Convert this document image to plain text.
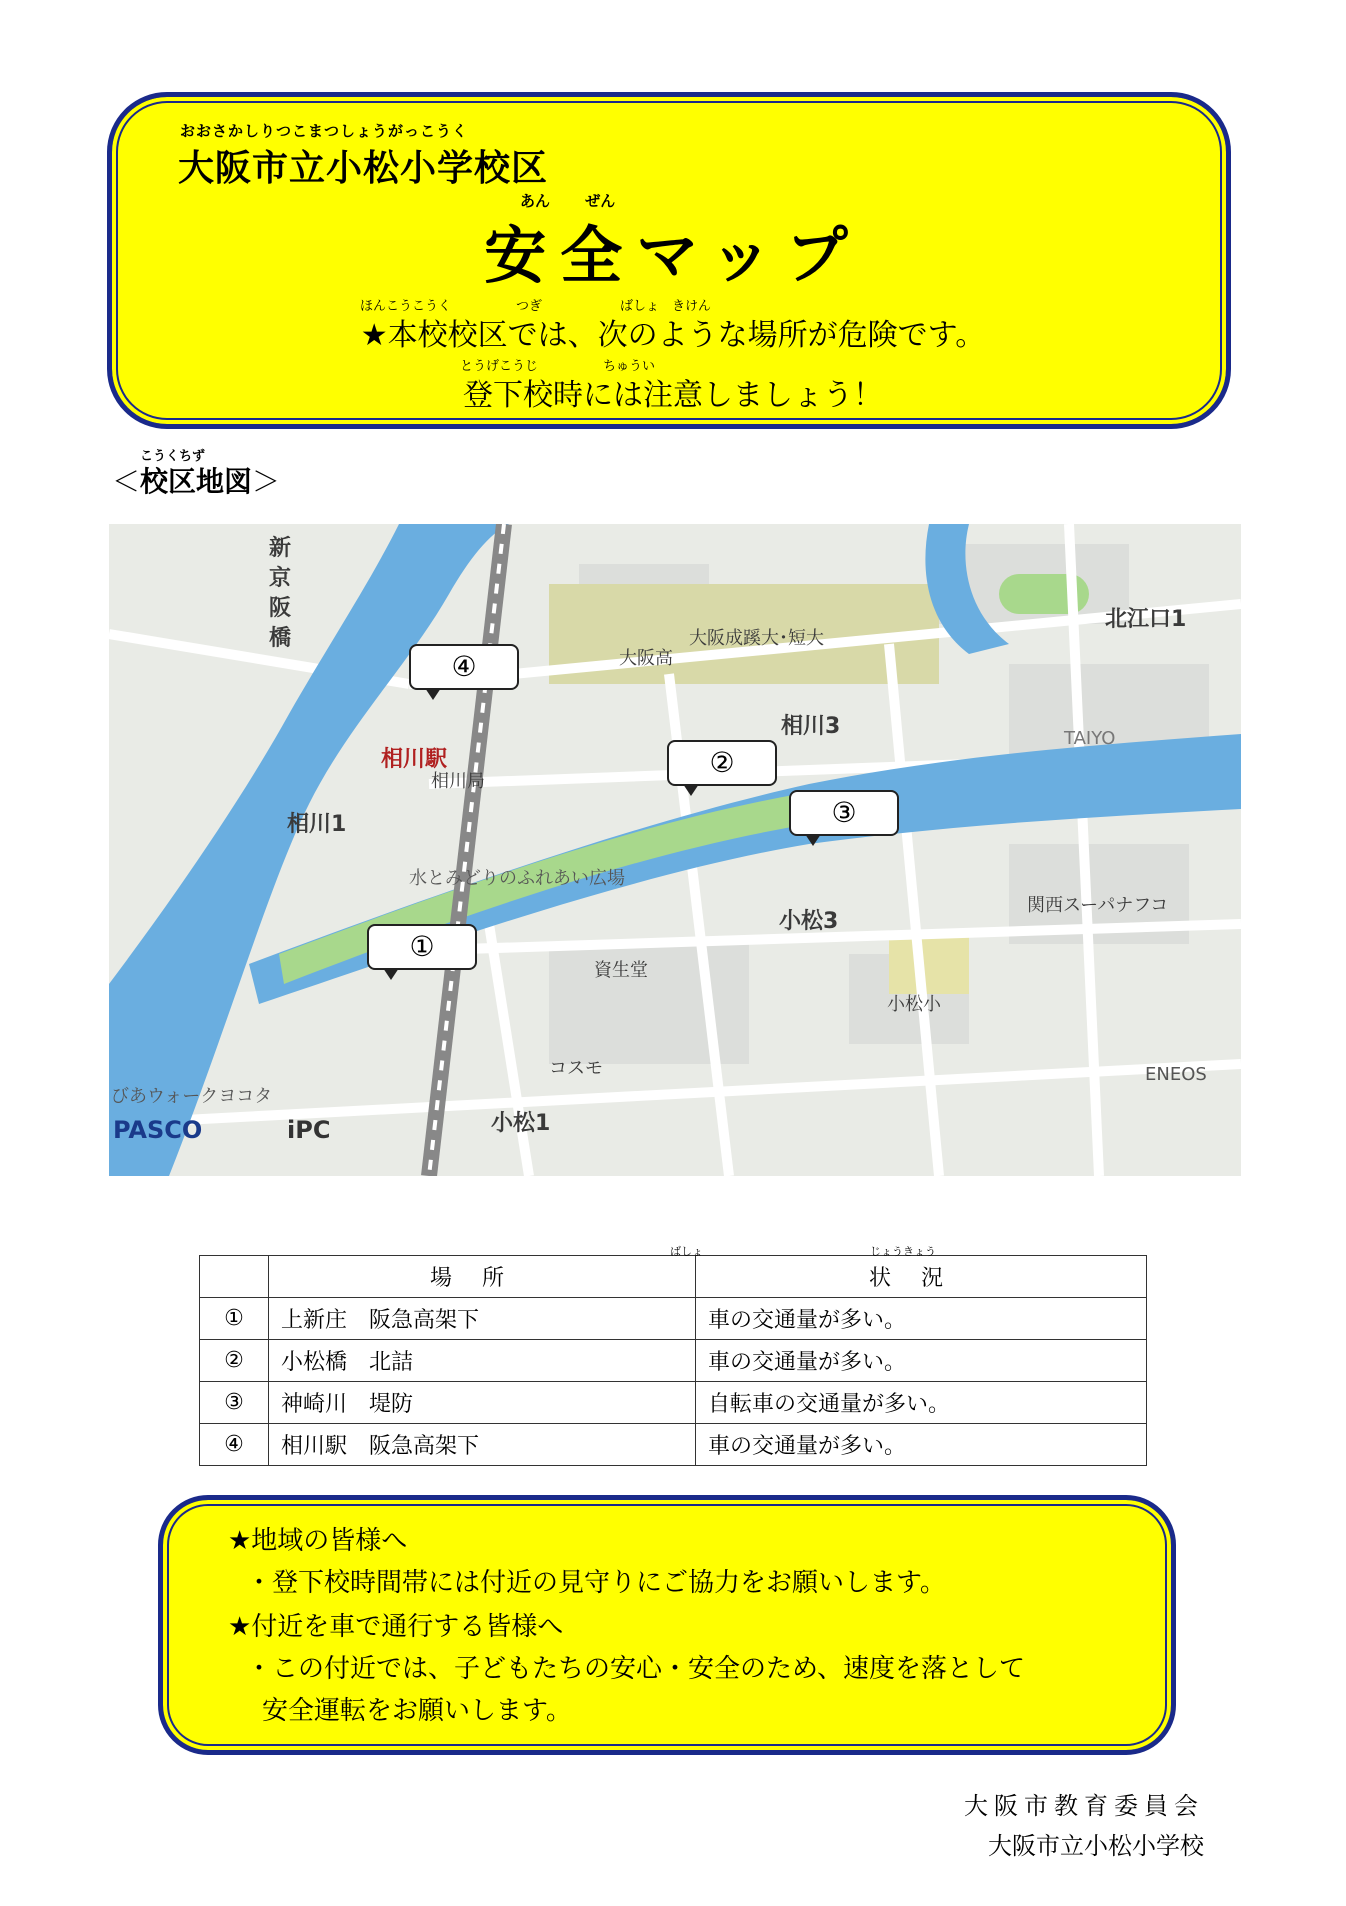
おおさかしりつこまつしょうがっこうく
大阪市立小松小学校区
あん ぜん
安全マップ
ほんこうこうく　　　　　つぎ　　　　　　ばしょ　きけん
★本校校区では、次のような場所が危険です。
とうげこうじ　　　　　ちゅうい
登下校時には注意しましょう！
こうくちず
＜校区地図＞
新京阪橋
相川駅
相川局
相川1
相川3
大阪成蹊大･短大
大阪高
北江口1
TAIYO
水とみどりのふれあい広場
小松3
関西スーパナフコ
資生堂
小松小
コスモ
小松1
ENEOS
びあウォークヨコタ
PASCO	iPC
①
②
③
④
	場所	状況
①	上新庄　阪急高架下	車の交通量が多い。
②	小松橋　北詰	車の交通量が多い。
③	神崎川　堤防	自転車の交通量が多い。
④	相川駅　阪急高架下	車の交通量が多い。
ばしょ	じょうきょう
★地域の皆様へ
・登下校時間帯には付近の見守りにご協力をお願いします。
★付近を車で通行する皆様へ
・この付近では、子どもたちの安心・安全のため、速度を落として
安全運転をお願いします。
大阪市教育委員会
大阪市立小松小学校
